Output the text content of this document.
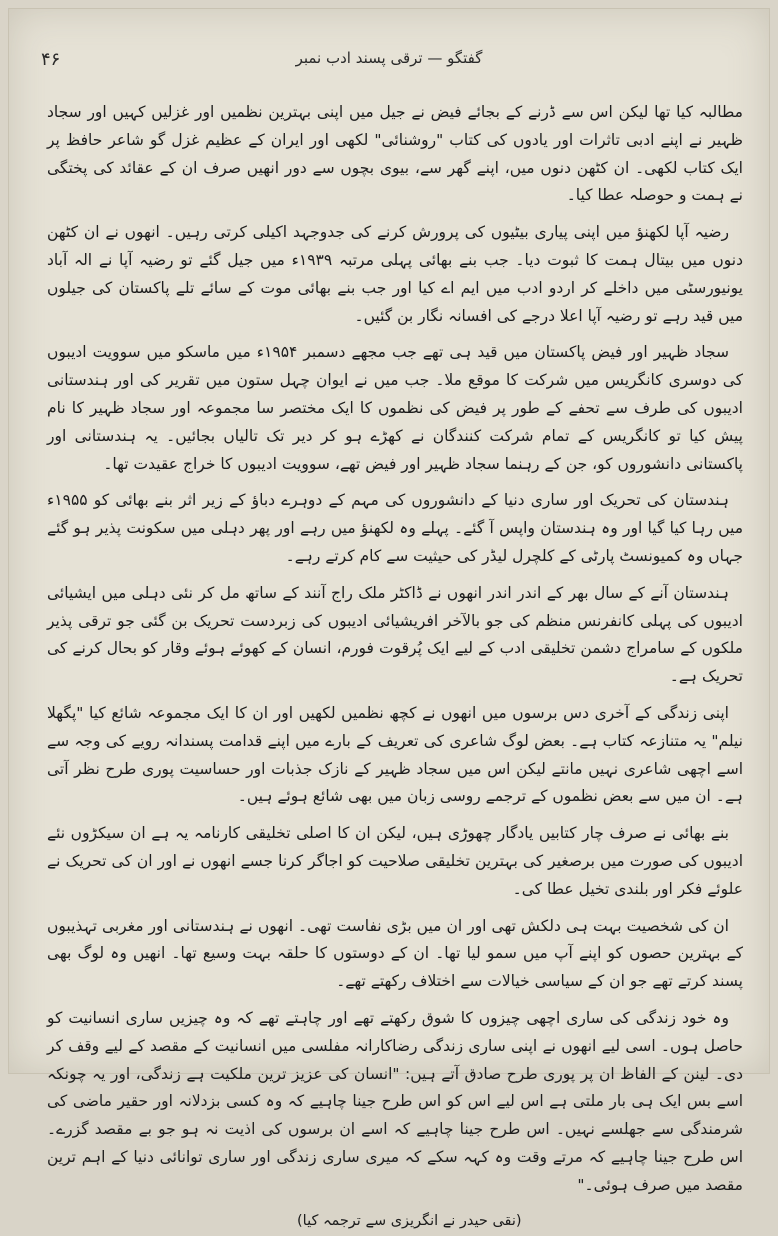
۴۶	گفتگو — ترقی پسند ادب نمبر

مطالبہ کیا تھا لیکن اس سے ڈرنے کے بجائے فیض نے جیل میں اپنی بہترین نظمیں اور غزلیں کہیں اور سجاد ظہیر نے اپنے ادبی تاثرات اور یادوں کی کتاب "روشنائی" لکھی اور ایران کے عظیم غزل گو شاعر حافظ پر ایک کتاب لکھی۔ ان کٹھن دنوں میں، اپنے گھر سے، بیوی بچوں سے دور انھیں صرف ان کے عقائد کی پختگی نے ہمت و حوصلہ عطا کیا۔

رضیہ آپا لکھنؤ میں اپنی پیاری بیٹیوں کی پرورش کرنے کی جدوجہد اکیلی کرتی رہیں۔ انھوں نے ان کٹھن دنوں میں بیتال ہمت کا ثبوت دیا۔ جب بنے بھائی پہلی مرتبہ ۱۹۳۹ء میں جیل گئے تو رضیہ آپا نے الہ آباد یونیورسٹی میں داخلے کر اردو ادب میں ایم اے کیا اور جب بنے بھائی موت کے سائے تلے پاکستان کی جیلوں میں قید رہے تو رضیہ آپا اعلا درجے کی افسانہ نگار بن گئیں۔

سجاد ظہیر اور فیض پاکستان میں قید ہی تھے جب مجھے دسمبر ۱۹۵۴ء میں ماسکو میں سوویت ادیبوں کی دوسری کانگریس میں شرکت کا موقع ملا۔ جب میں نے ایوان چہل ستون میں تقریر کی اور ہندستانی ادیبوں کی طرف سے تحفے کے طور پر فیض کی نظموں کا ایک مختصر سا مجموعہ اور سجاد ظہیر کا نام پیش کیا تو کانگریس کے تمام شرکت کنندگان نے کھڑے ہو کر دیر تک تالیاں بجائیں۔ یہ ہندستانی اور پاکستانی دانشوروں کو، جن کے رہنما سجاد ظہیر اور فیض تھے، سوویت ادیبوں کا خراج عقیدت تھا۔

ہندستان کی تحریک اور ساری دنیا کے دانشوروں کی مہم کے دوہرے دباؤ کے زیر اثر بنے بھائی کو ۱۹۵۵ء میں رہا کیا گیا اور وہ ہندستان واپس آ گئے۔ پہلے وہ لکھنؤ میں رہے اور پھر دہلی میں سکونت پذیر ہو گئے جہاں وہ کمیونسٹ پارٹی کے کلچرل لیڈر کی حیثیت سے کام کرتے رہے۔

ہندستان آنے کے سال بھر کے اندر اندر انھوں نے ڈاکٹر ملک راج آنند کے ساتھ مل کر نئی دہلی میں ایشیائی ادیبوں کی پہلی کانفرنس منظم کی جو بالآخر افریشیائی ادیبوں کی زبردست تحریک بن گئی جو ترقی پذیر ملکوں کے سامراج دشمن تخلیقی ادب کے لیے ایک پُرقوت فورم، انسان کے کھوئے ہوئے وقار کو بحال کرنے کی تحریک ہے۔

اپنی زندگی کے آخری دس برسوں میں انھوں نے کچھ نظمیں لکھیں اور ان کا ایک مجموعہ شائع کیا "پگھلا نیلم" یہ متنازعہ کتاب ہے۔ بعض لوگ شاعری کی تعریف کے بارے میں اپنے قدامت پسندانہ رویے کی وجہ سے اسے اچھی شاعری نہیں مانتے لیکن اس میں سجاد ظہیر کے نازک جذبات اور حساسیت پوری طرح نظر آتی ہے۔ ان میں سے بعض نظموں کے ترجمے روسی زبان میں بھی شائع ہوئے ہیں۔

بنے بھائی نے صرف چار کتابیں یادگار چھوڑی ہیں، لیکن ان کا اصلی تخلیقی کارنامہ یہ ہے ان سیکڑوں نئے ادیبوں کی صورت میں برصغیر کی بہترین تخلیقی صلاحیت کو اجاگر کرنا جسے انھوں نے اور ان کی تحریک نے علوئے فکر اور بلندی تخیل عطا کی۔

ان کی شخصیت بہت ہی دلکش تھی اور ان میں بڑی نفاست تھی۔ انھوں نے ہندستانی اور مغربی تہذیبوں کے بہترین حصوں کو اپنے آپ میں سمو لیا تھا۔ ان کے دوستوں کا حلقہ بہت وسیع تھا۔ انھیں وہ لوگ بھی پسند کرتے تھے جو ان کے سیاسی خیالات سے اختلاف رکھتے تھے۔

وہ خود زندگی کی ساری اچھی چیزوں کا شوق رکھتے تھے اور چاہتے تھے کہ وہ چیزیں ساری انسانیت کو حاصل ہوں۔ اسی لیے انھوں نے اپنی ساری زندگی رضاکارانہ مفلسی میں انسانیت کے مقصد کے لیے وقف کر دی۔ لینن کے الفاظ ان پر پوری طرح صادق آتے ہیں: "انسان کی عزیز ترین ملکیت ہے زندگی، اور یہ چونکہ اسے بس ایک ہی بار ملتی ہے اس لیے اس کو اس طرح جینا چاہیے کہ وہ کسی بزدلانہ اور حقیر ماضی کی شرمندگی سے جھلسے نہیں۔ اس طرح جینا چاہیے کہ اسے ان برسوں کی اذیت نہ ہو جو بے مقصد گزرے۔ اس طرح جینا چاہیے کہ مرتے وقت وہ کہہ سکے کہ میری ساری زندگی اور ساری توانائی دنیا کے اہم ترین مقصد میں صرف ہوئی۔"

(نقی حیدر نے انگریزی سے ترجمہ کیا)
